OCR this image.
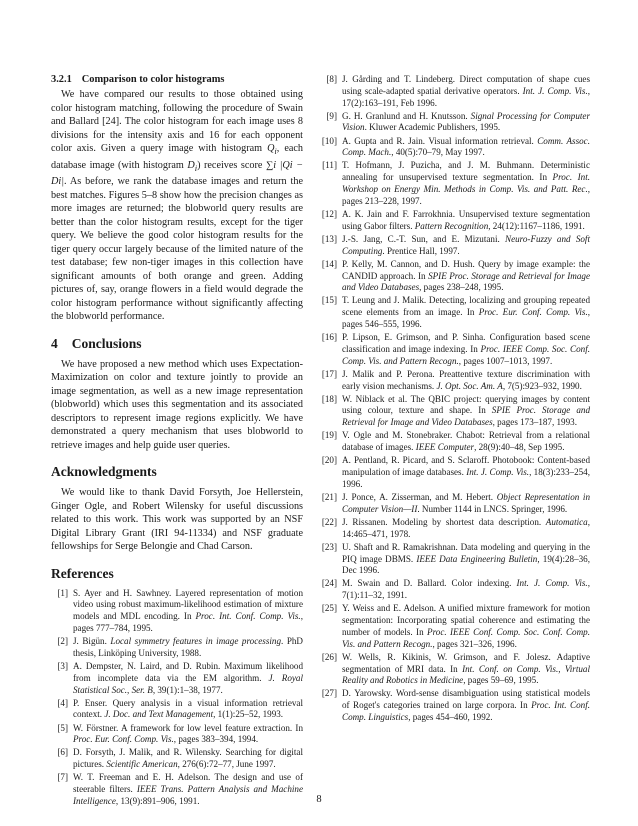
3.2.1 Comparison to color histograms

We have compared our results to those obtained using color histogram matching, following the procedure of Swain and Ballard [24]. The color histogram for each image uses 8 divisions for the intensity axis and 16 for each opponent color axis. Given a query image with histogram $Q_i$, each database image (with histogram $D_i$) receives score ∑i |Qi − Di|. As before, we rank the database images and return the best matches. Figures 5–8 show how the precision changes as more images are returned; the blobworld query results are better than the color histogram results, except for the tiger query. We believe the good color histogram results for the tiger query occur largely because of the limited nature of the test database; few non-tiger images in this collection have significant amounts of both orange and green. Adding pictures of, say, orange flowers in a field would degrade the color histogram performance without significantly affecting the blobworld performance.

4 Conclusions

We have proposed a new method which uses Expectation-Maximization on color and texture jointly to provide an image segmentation, as well as a new image representation (blobworld) which uses this segmentation and its associated descriptors to represent image regions explicitly. We have demonstrated a query mechanism that uses blobworld to retrieve images and help guide user queries.

Acknowledgments

We would like to thank David Forsyth, Joe Hellerstein, Ginger Ogle, and Robert Wilensky for useful discussions related to this work. This work was supported by an NSF Digital Library Grant (IRI 94-11334) and NSF graduate fellowships for Serge Belongie and Chad Carson.

References
[1] S. Ayer and H. Sawhney. Layered representation of motion video using robust maximum-likelihood estimation of mixture models and MDL encoding. In Proc. Int. Conf. Comp. Vis., pages 777–784, 1995.
[2] J. Bigün. Local symmetry features in image processing. PhD thesis, Linköping University, 1988.
[3] A. Dempster, N. Laird, and D. Rubin. Maximum likelihood from incomplete data via the EM algorithm. J. Royal Statistical Soc., Ser. B, 39(1):1–38, 1977.
[4] P. Enser. Query analysis in a visual information retrieval context. J. Doc. and Text Management, 1(1):25–52, 1993.
[5] W. Förstner. A framework for low level feature extraction. In Proc. Eur. Conf. Comp. Vis., pages 383–394, 1994.
[6] D. Forsyth, J. Malik, and R. Wilensky. Searching for digital pictures. Scientific American, 276(6):72–77, June 1997.
[7] W. T. Freeman and E. H. Adelson. The design and use of steerable filters. IEEE Trans. Pattern Analysis and Machine Intelligence, 13(9):891–906, 1991.
[8] J. Gårding and T. Lindeberg. Direct computation of shape cues using scale-adapted spatial derivative operators. Int. J. Comp. Vis., 17(2):163–191, Feb 1996.
[9] G. H. Granlund and H. Knutsson. Signal Processing for Computer Vision. Kluwer Academic Publishers, 1995.
[10] A. Gupta and R. Jain. Visual information retrieval. Comm. Assoc. Comp. Mach., 40(5):70–79, May 1997.
[11] T. Hofmann, J. Puzicha, and J. M. Buhmann. Deterministic annealing for unsupervised texture segmentation. In Proc. Int. Workshop on Energy Min. Methods in Comp. Vis. and Patt. Rec., pages 213–228, 1997.
[12] A. K. Jain and F. Farrokhnia. Unsupervised texture segmentation using Gabor filters. Pattern Recognition, 24(12):1167–1186, 1991.
[13] J.-S. Jang, C.-T. Sun, and E. Mizutani. Neuro-Fuzzy and Soft Computing. Prentice Hall, 1997.
[14] P. Kelly, M. Cannon, and D. Hush. Query by image example: the CANDID approach. In SPIE Proc. Storage and Retrieval for Image and Video Databases, pages 238–248, 1995.
[15] T. Leung and J. Malik. Detecting, localizing and grouping repeated scene elements from an image. In Proc. Eur. Conf. Comp. Vis., pages 546–555, 1996.
[16] P. Lipson, E. Grimson, and P. Sinha. Configuration based scene classification and image indexing. In Proc. IEEE Comp. Soc. Conf. Comp. Vis. and Pattern Recogn., pages 1007–1013, 1997.
[17] J. Malik and P. Perona. Preattentive texture discrimination with early vision mechanisms. J. Opt. Soc. Am. A, 7(5):923–932, 1990.
[18] W. Niblack et al. The QBIC project: querying images by content using colour, texture and shape. In SPIE Proc. Storage and Retrieval for Image and Video Databases, pages 173–187, 1993.
[19] V. Ogle and M. Stonebraker. Chabot: Retrieval from a relational database of images. IEEE Computer, 28(9):40–48, Sep 1995.
[20] A. Pentland, R. Picard, and S. Sclaroff. Photobook: Content-based manipulation of image databases. Int. J. Comp. Vis., 18(3):233–254, 1996.
[21] J. Ponce, A. Zisserman, and M. Hebert. Object Representation in Computer Vision—II. Number 1144 in LNCS. Springer, 1996.
[22] J. Rissanen. Modeling by shortest data description. Automatica, 14:465–471, 1978.
[23] U. Shaft and R. Ramakrishnan. Data modeling and querying in the PIQ image DBMS. IEEE Data Engineering Bulletin, 19(4):28–36, Dec 1996.
[24] M. Swain and D. Ballard. Color indexing. Int. J. Comp. Vis., 7(1):11–32, 1991.
[25] Y. Weiss and E. Adelson. A unified mixture framework for motion segmentation: Incorporating spatial coherence and estimating the number of models. In Proc. IEEE Conf. Comp. Soc. Conf. Comp. Vis. and Pattern Recogn., pages 321–326, 1996.
[26] W. Wells, R. Kikinis, W. Grimson, and F. Jolesz. Adaptive segmentation of MRI data. In Int. Conf. on Comp. Vis., Virtual Reality and Robotics in Medicine, pages 59–69, 1995.
[27] D. Yarowsky. Word-sense disambiguation using statistical models of Roget's categories trained on large corpora. In Proc. Int. Conf. Comp. Linguistics, pages 454–460, 1992.
8
